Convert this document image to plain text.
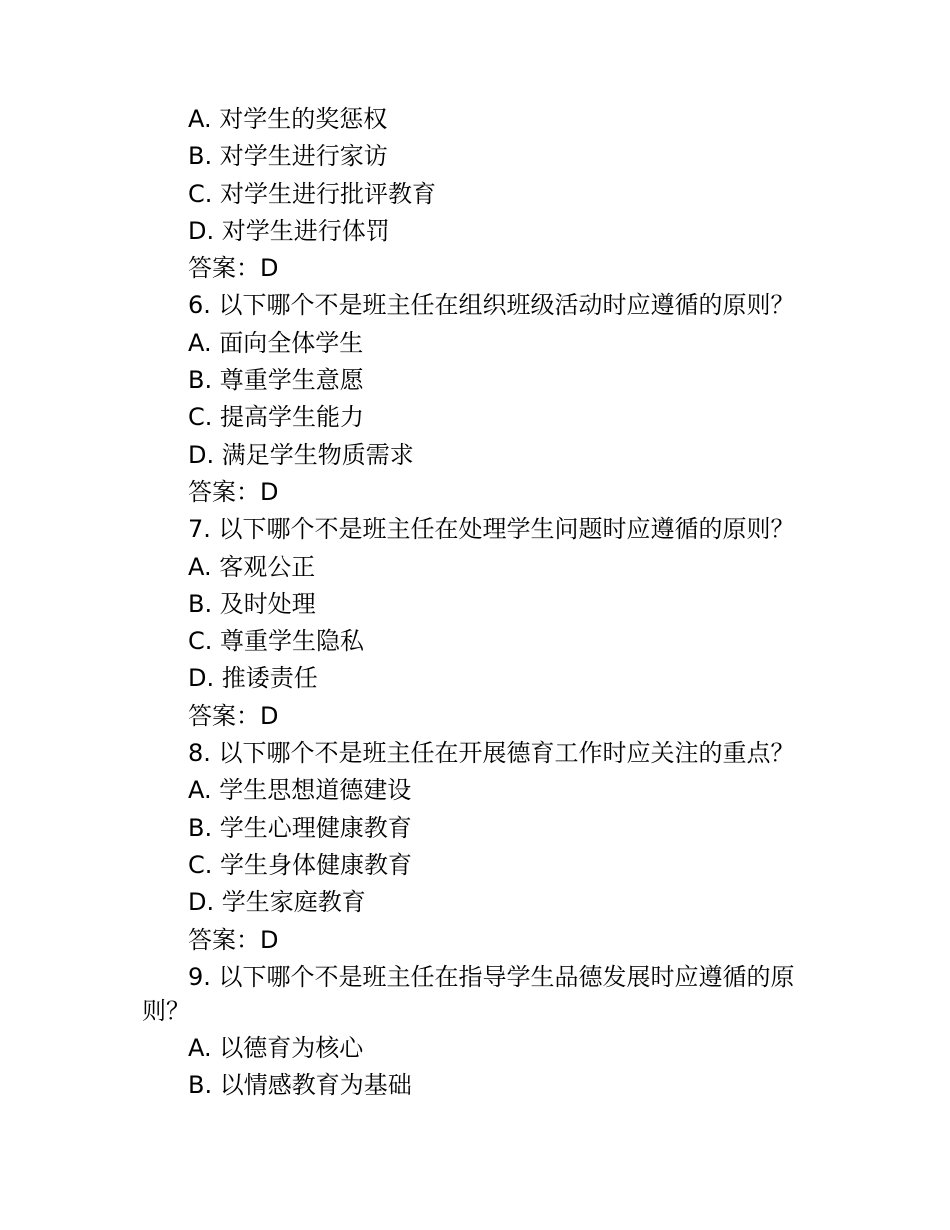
A. 对学生的奖惩权
B. 对学生进行家访
C. 对学生进行批评教育
D. 对学生进行体罚
答案：D
6. 以下哪个不是班主任在组织班级活动时应遵循的原则？
A. 面向全体学生
B. 尊重学生意愿
C. 提高学生能力
D. 满足学生物质需求
答案：D
7. 以下哪个不是班主任在处理学生问题时应遵循的原则？
A. 客观公正
B. 及时处理
C. 尊重学生隐私
D. 推诿责任
答案：D
8. 以下哪个不是班主任在开展德育工作时应关注的重点？
A. 学生思想道德建设
B. 学生心理健康教育
C. 学生身体健康教育
D. 学生家庭教育
答案：D
9. 以下哪个不是班主任在指导学生品德发展时应遵循的原则？
A. 以德育为核心
B. 以情感教育为基础
